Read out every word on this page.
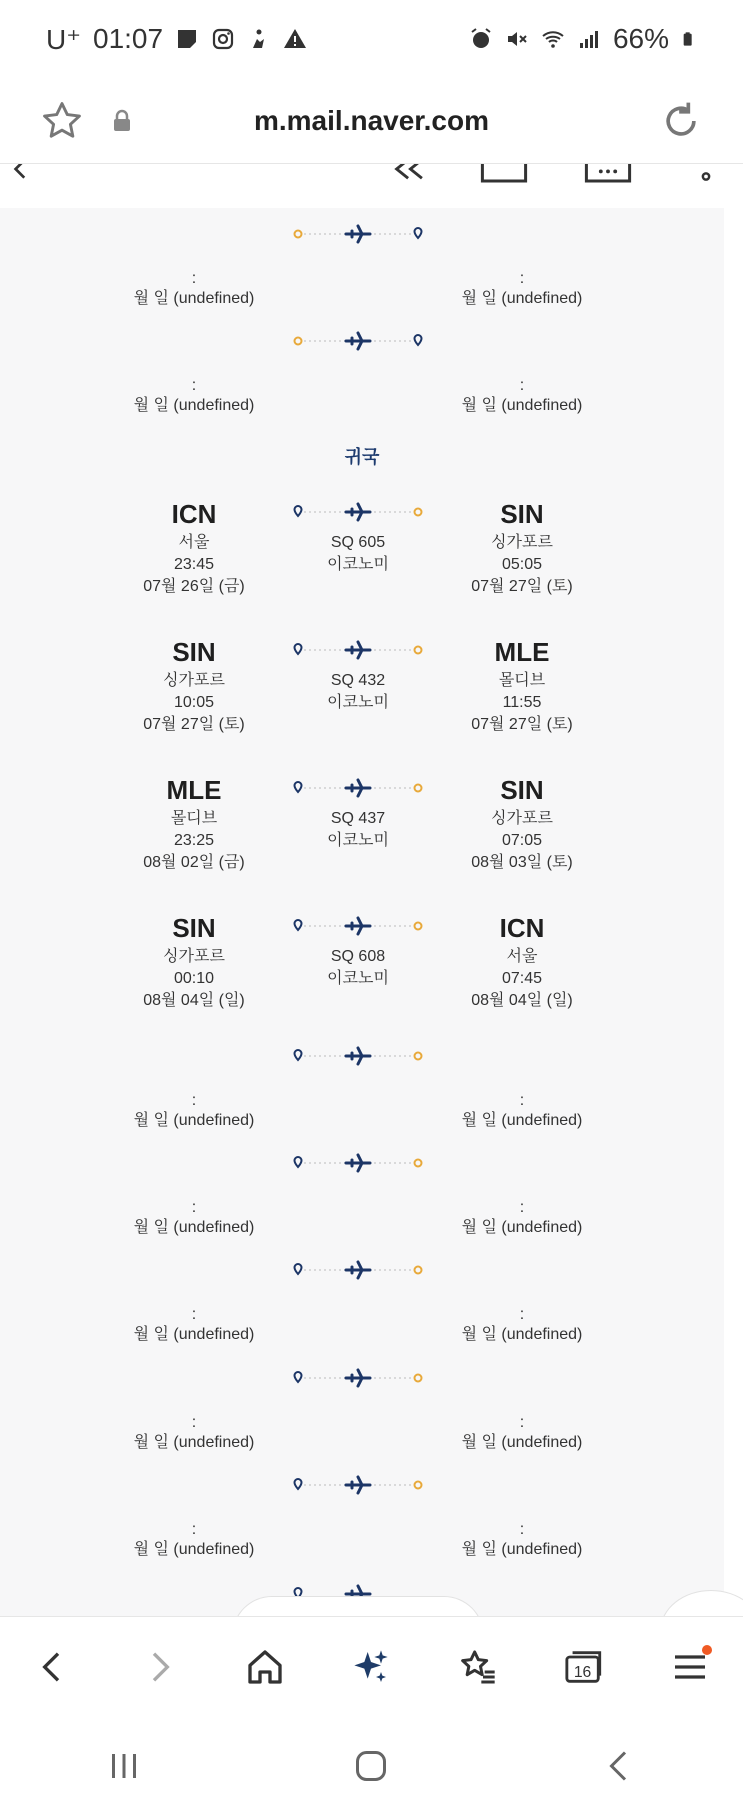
U⁺ 01:07	66%
m.mail.naver.com
:
월 일 (undefined)
:
월 일 (undefined)
:
월 일 (undefined)
:
월 일 (undefined)
귀국
ICN
서울
23:45
07월 26일 (금)
SQ 605
이코노미
SIN
싱가포르
05:05
07월 27일 (토)
SIN
싱가포르
10:05
07월 27일 (토)
SQ 432
이코노미
MLE
몰디브
11:55
07월 27일 (토)
MLE
몰디브
23:25
08월 02일 (금)
SQ 437
이코노미
SIN
싱가포르
07:05
08월 03일 (토)
SIN
싱가포르
00:10
08월 04일 (일)
SQ 608
이코노미
ICN
서울
07:45
08월 04일 (일)
:
월 일 (undefined)
:
월 일 (undefined)
:
월 일 (undefined)
:
월 일 (undefined)
:
월 일 (undefined)
:
월 일 (undefined)
:
월 일 (undefined)
:
월 일 (undefined)
:
월 일 (undefined)
:
월 일 (undefined)
16
